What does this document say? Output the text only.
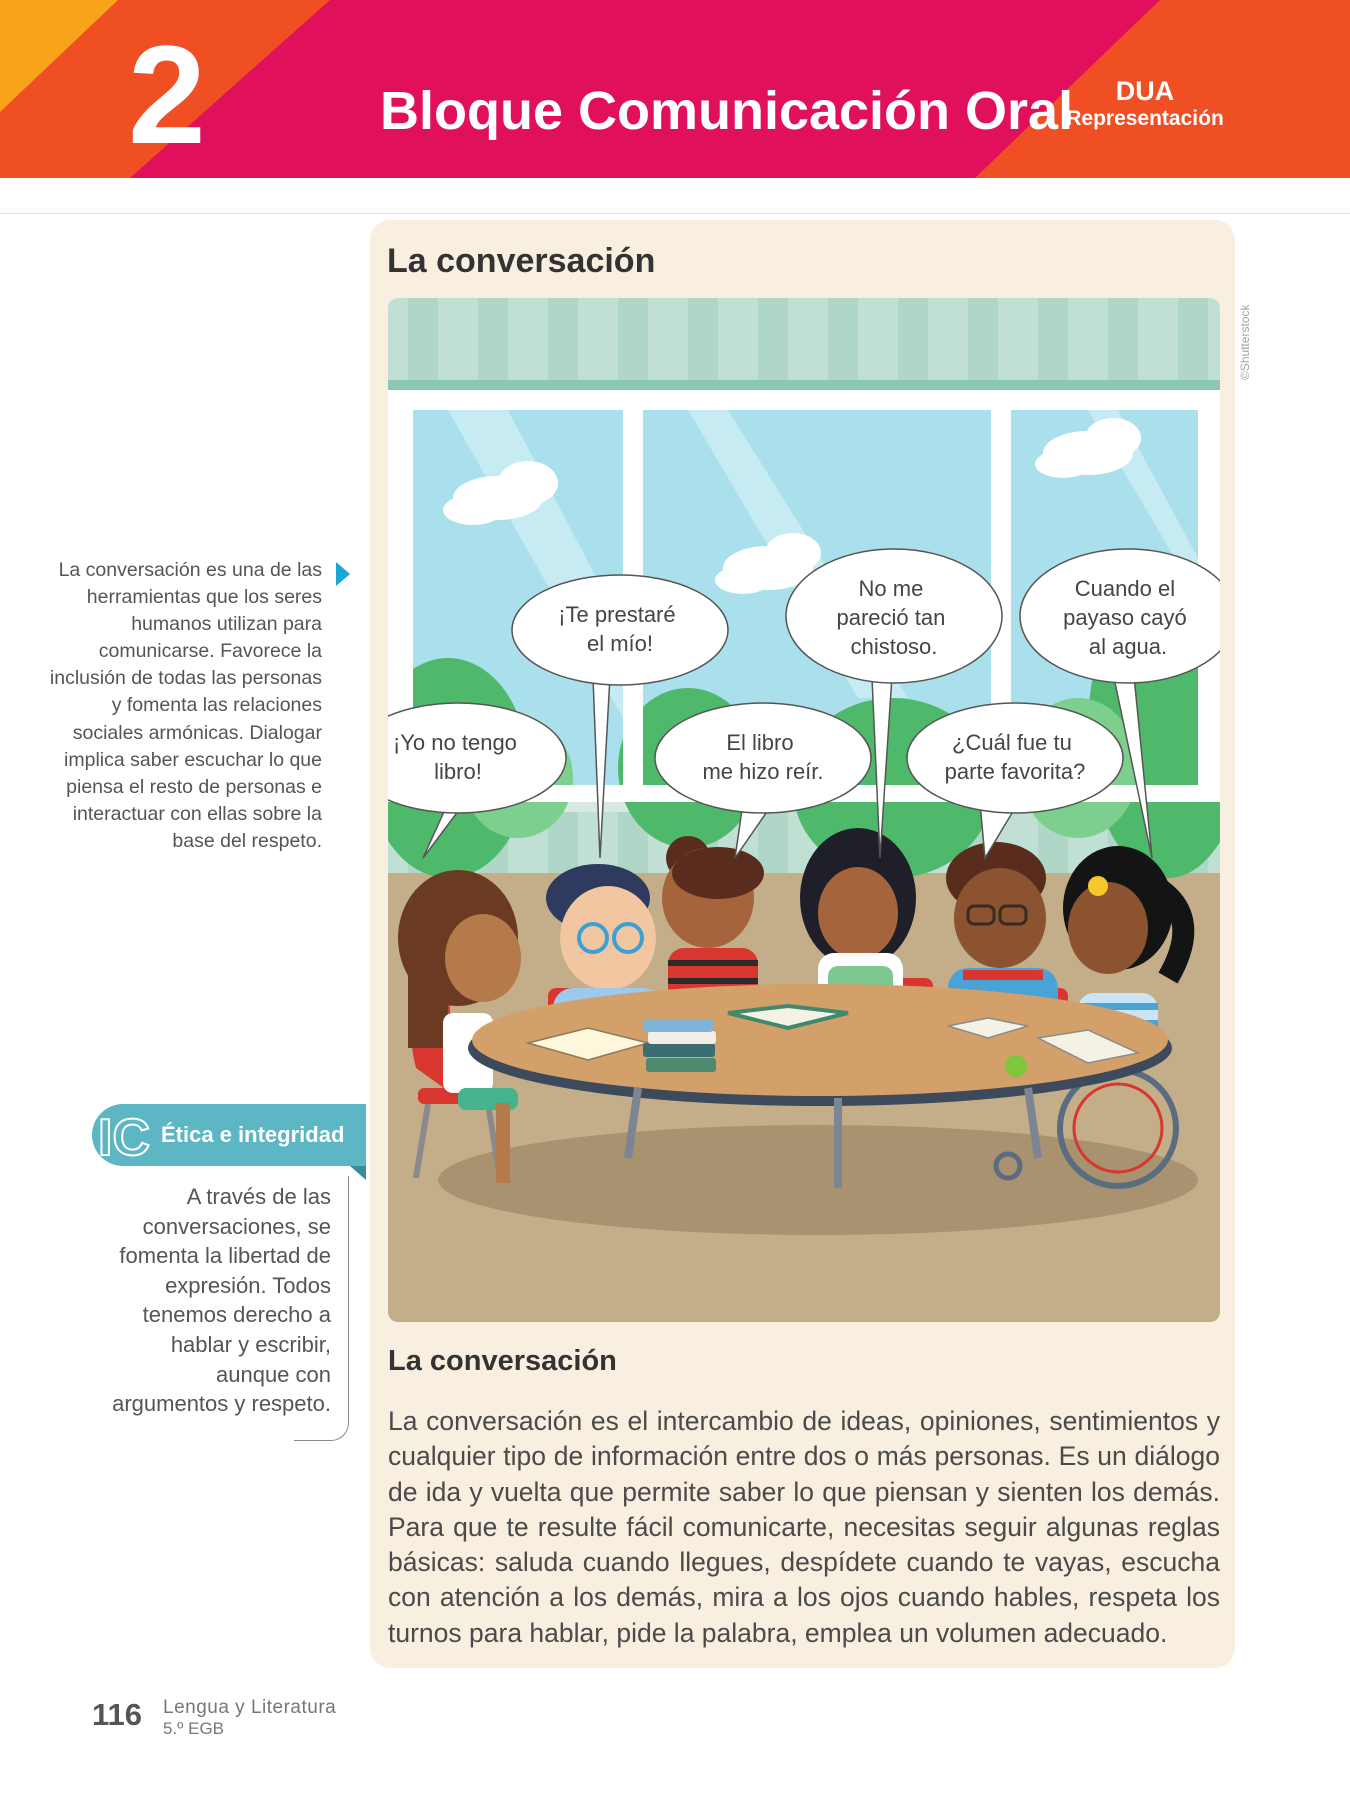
2	Bloque Comunicación Oral	DUA
Representación
La conversación
¡Yo no tengo libro!
¡Te prestaré el mío!
El libro me hizo reír.
No me pareció tan chistoso.
¿Cuál fue tu parte favorita?
Cuando el payaso cayó al agua.
©Shutterstock
La conversación
La conversación es el intercambio de ideas, opiniones, sentimientos y cualquier tipo de información entre dos o más personas. Es un diálogo de ida y vuelta que permite saber lo que piensan y sienten los demás. Para que te resulte fácil comunicarte, necesitas seguir algunas reglas básicas: saluda cuando llegues, despídete cuando te vayas, escucha con atención a los demás, mira a los ojos cuando hables, respeta los turnos para hablar, pide la palabra, emplea un volumen adecuado.
La conversación es una de las herramientas que los seres humanos utilizan para comunicarse. Favorece la inclusión de todas las personas y fomenta las relaciones sociales armónicas. Dialogar implica saber escuchar lo que piensa el resto de personas e interactuar con ellas sobre la base del respeto.
IC Ética e integridad
A través de las conversaciones, se fomenta la libertad de expresión. Todos tenemos derecho a hablar y escribir, aunque con argumentos y respeto.
116 Lengua y Literatura
5.º EGB
